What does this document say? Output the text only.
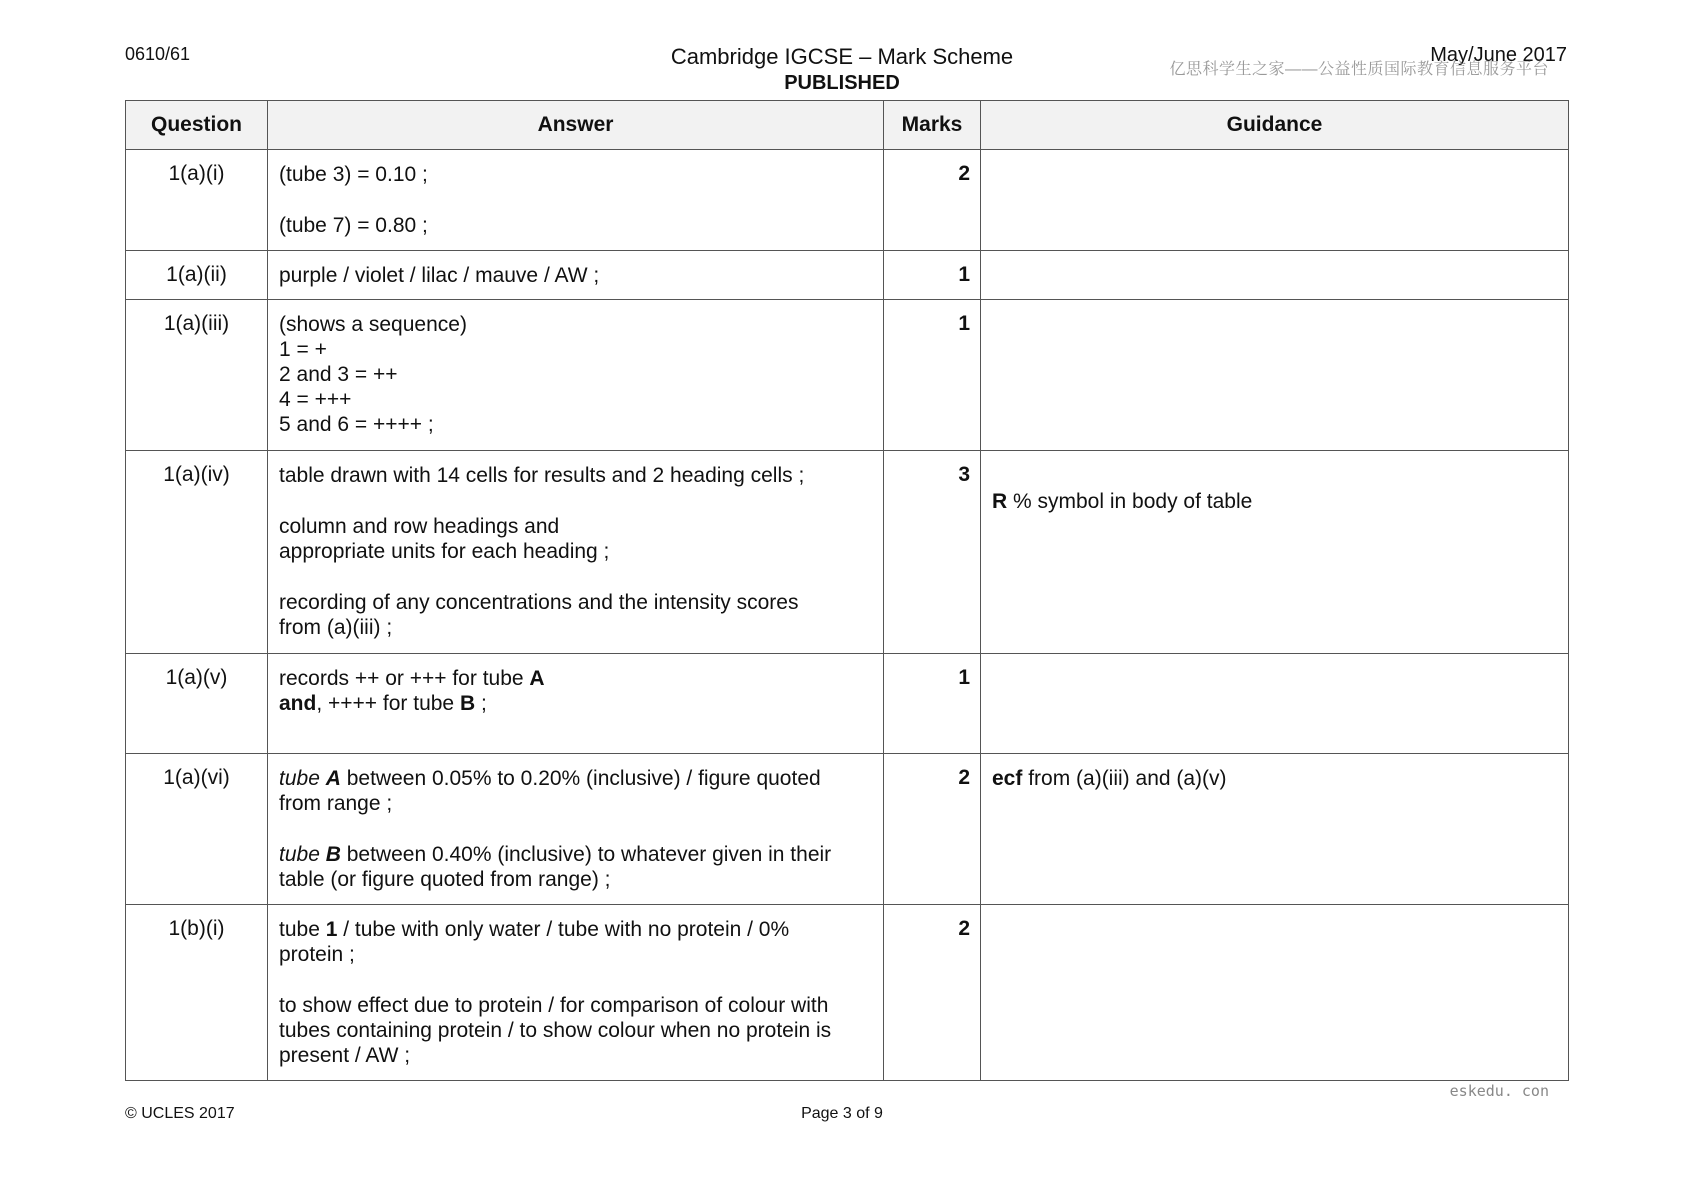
0610/61	Cambridge IGCSE – Mark Scheme
PUBLISHED
May/June 2017
亿思科学生之家——公益性质国际教育信息服务平台
Question	Answer	Marks	Guidance
1(a)(i)	(tube 3) = 0.10 ;
(tube 7) = 0.80 ;	2	
1(a)(ii)	purple / violet / lilac / mauve / AW ;	1	
1(a)(iii)	(shows a sequence)
1 = +
2 and 3 = ++
4 = +++
5 and 6 = ++++ ;	1	
1(a)(iv)	table drawn with 14 cells for results and 2 heading cells ;
column and row headings and
appropriate units for each heading ;
recording of any concentrations and the intensity scores
from (a)(iii) ;	3	R % symbol in body of table

1(a)(v)	records ++ or +++ for tube A
and, ++++ for tube B ;	1	
1(a)(vi)	tube A between 0.05% to 0.20% (inclusive) / figure quoted
from range ;
tube B between 0.40% (inclusive) to whatever given in their
table (or figure quoted from range) ;	2	ecf from (a)(iii) and (a)(v)

1(b)(i)	tube 1 / tube with only water / tube with no protein / 0%
protein ;
to show effect due to protein / for comparison of colour with
tubes containing protein / to show colour when no protein is
present / AW ;	2	
eskedu. con
© UCLES 2017	Page 3 of 9
